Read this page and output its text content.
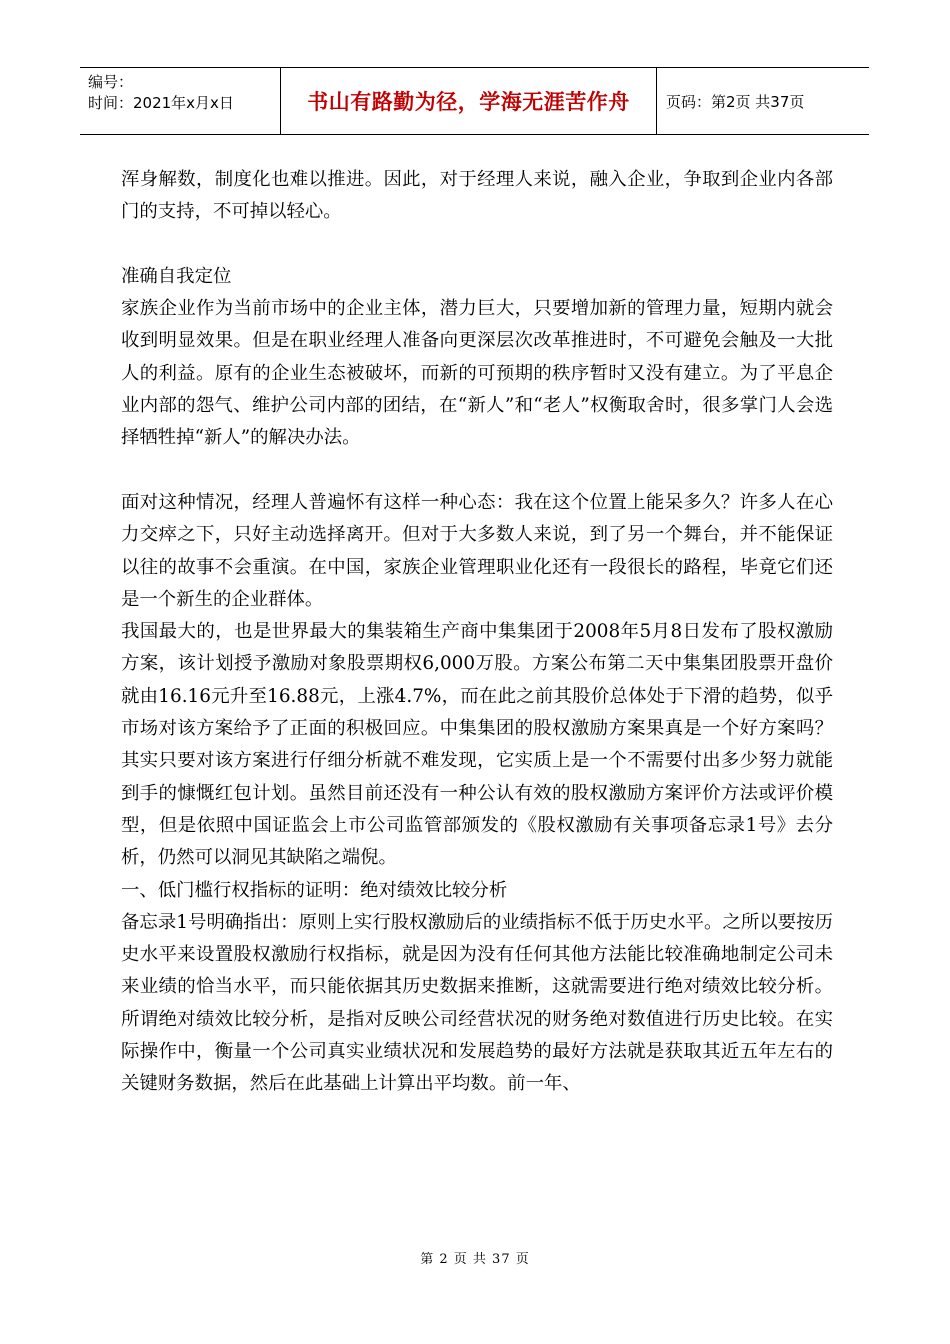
编号：
时间：2021年x月x日	书山有路勤为径，学海无涯苦作舟	页码：第2页 共37页

浑身解数，制度化也难以推进。因此，对于经理人来说，融入企业，争取到企业内各部门的支持，不可掉以轻心。

准确自我定位

家族企业作为当前市场中的企业主体，潜力巨大，只要增加新的管理力量，短期内就会收到明显效果。但是在职业经理人准备向更深层次改革推进时，不可避免会触及一大批人的利益。原有的企业生态被破坏，而新的可预期的秩序暂时又没有建立。为了平息企业内部的怨气、维护公司内部的团结，在“新人”和“老人”权衡取舍时，很多掌门人会选择牺牲掉“新人”的解决办法。

面对这种情况，经理人普遍怀有这样一种心态：我在这个位置上能呆多久？许多人在心力交瘁之下，只好主动选择离开。但对于大多数人来说，到了另一个舞台，并不能保证以往的故事不会重演。在中国，家族企业管理职业化还有一段很长的路程，毕竟它们还是一个新生的企业群体。

我国最大的，也是世界最大的集装箱生产商中集集团于2008年5月8日发布了股权激励方案，该计划授予激励对象股票期权6,000万股。方案公布第二天中集集团股票开盘价就由16.16元升至16.88元，上涨4.7%，而在此之前其股价总体处于下滑的趋势，似乎市场对该方案给予了正面的积极回应。中集集团的股权激励方案果真是一个好方案吗？其实只要对该方案进行仔细分析就不难发现，它实质上是一个不需要付出多少努力就能到手的慷慨红包计划。虽然目前还没有一种公认有效的股权激励方案评价方法或评价模型，但是依照中国证监会上市公司监管部颁发的《股权激励有关事项备忘录1号》去分析，仍然可以洞见其缺陷之端倪。

一、低门槛行权指标的证明：绝对绩效比较分析

备忘录1号明确指出：原则上实行股权激励后的业绩指标不低于历史水平。之所以要按历史水平来设置股权激励行权指标，就是因为没有任何其他方法能比较准确地制定公司未来业绩的恰当水平，而只能依据其历史数据来推断，这就需要进行绝对绩效比较分析。所谓绝对绩效比较分析，是指对反映公司经营状况的财务绝对数值进行历史比较。在实际操作中，衡量一个公司真实业绩状况和发展趋势的最好方法就是获取其近五年左右的关键财务数据，然后在此基础上计算出平均数。前一年、

第 2 页 共 37 页
